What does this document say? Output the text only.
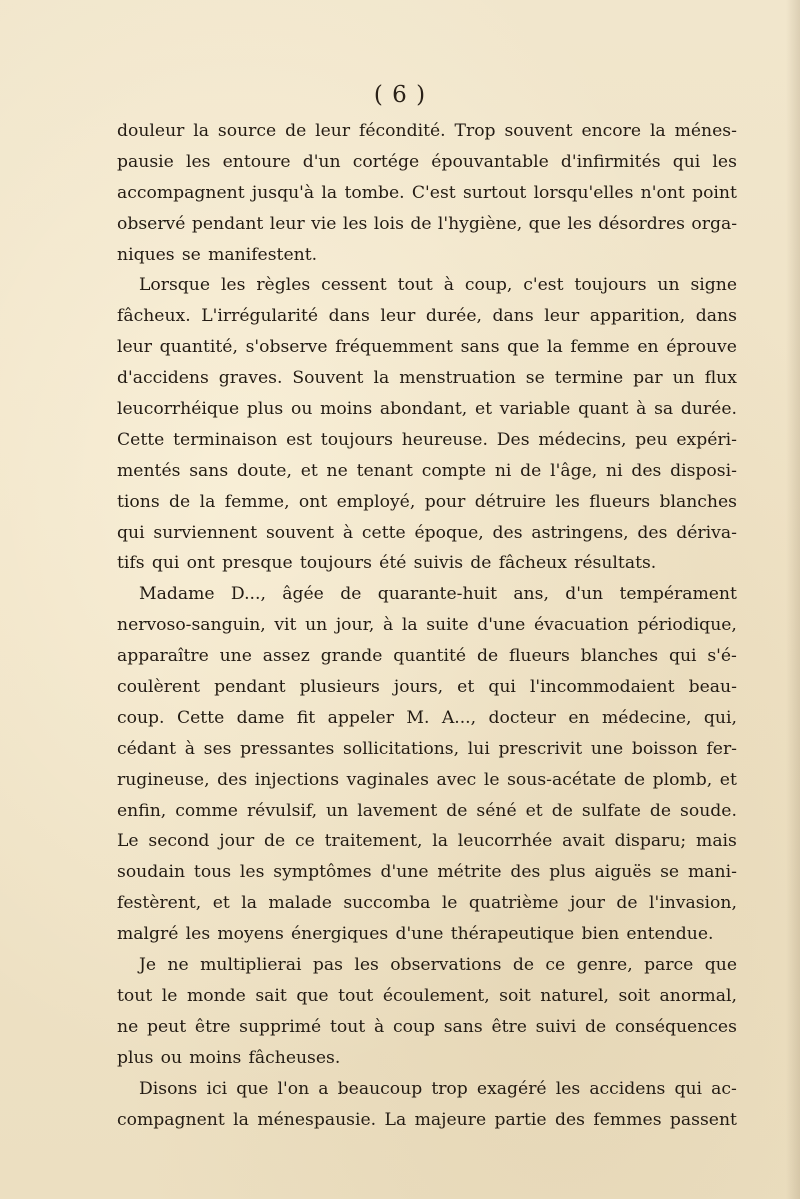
( 6 )
douleur la source de leur fécondité. Trop souvent encore la ménes-
pausie les entoure d'un cortége épouvantable d'infirmités qui les
accompagnent jusqu'à la tombe. C'est surtout lorsqu'elles n'ont point
observé pendant leur vie les lois de l'hygiène, que les désordres orga-
niques se manifestent.
Lorsque les règles cessent tout à coup, c'est toujours un signe
fâcheux. L'irrégularité dans leur durée, dans leur apparition, dans
leur quantité, s'observe fréquemment sans que la femme en éprouve
d'accidens graves. Souvent la menstruation se termine par un flux
leucorrhéique plus ou moins abondant, et variable quant à sa durée.
Cette terminaison est toujours heureuse. Des médecins, peu expéri-
mentés sans doute, et ne tenant compte ni de l'âge, ni des disposi-
tions de la femme, ont employé, pour détruire les flueurs blanches
qui surviennent souvent à cette époque, des astringens, des dériva-
tifs qui ont presque toujours été suivis de fâcheux résultats.
Madame D..., âgée de quarante-huit ans, d'un tempérament
nervoso-sanguin, vit un jour, à la suite d'une évacuation périodique,
apparaître une assez grande quantité de flueurs blanches qui s'é-
coulèrent pendant plusieurs jours, et qui l'incommodaient beau-
coup. Cette dame fit appeler M. A..., docteur en médecine, qui,
cédant à ses pressantes sollicitations, lui prescrivit une boisson fer-
rugineuse, des injections vaginales avec le sous-acétate de plomb, et
enfin, comme révulsif, un lavement de séné et de sulfate de soude.
Le second jour de ce traitement, la leucorrhée avait disparu; mais
soudain tous les symptômes d'une métrite des plus aiguës se mani-
festèrent, et la malade succomba le quatrième jour de l'invasion,
malgré les moyens énergiques d'une thérapeutique bien entendue.
Je ne multiplierai pas les observations de ce genre, parce que
tout le monde sait que tout écoulement, soit naturel, soit anormal,
ne peut être supprimé tout à coup sans être suivi de conséquences
plus ou moins fâcheuses.
Disons ici que l'on a beaucoup trop exagéré les accidens qui ac-
compagnent la ménespausie. La majeure partie des femmes passent
